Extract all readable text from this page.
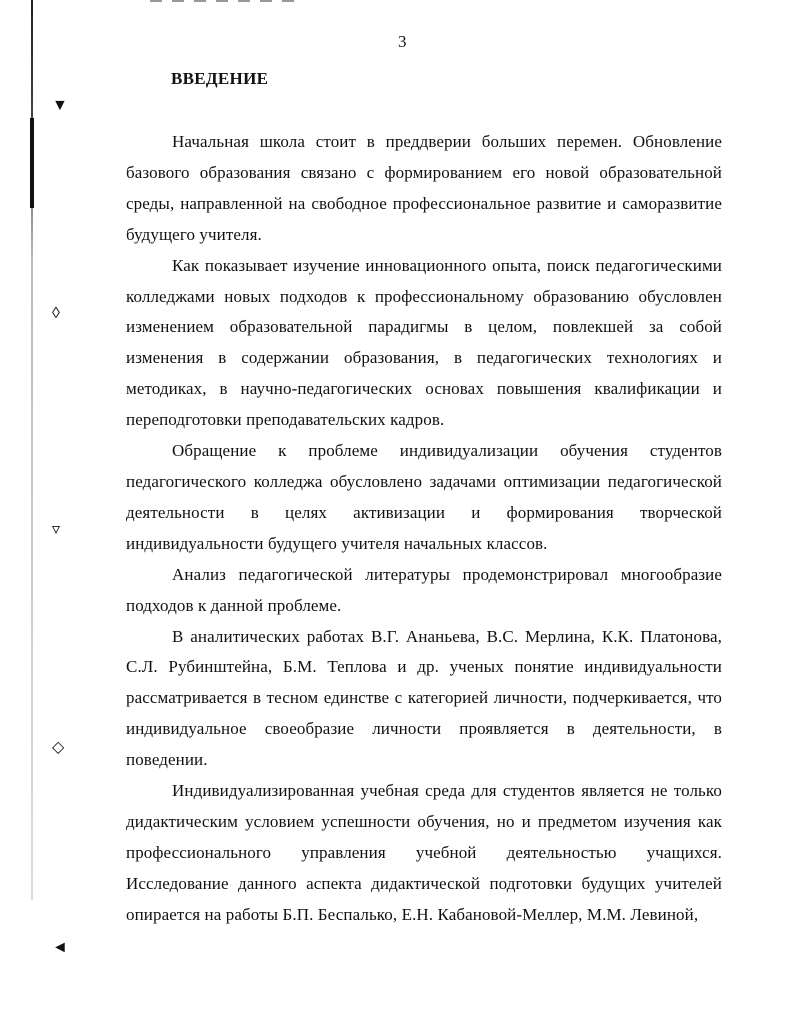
▼
◊
▿
◇
◄
3
ВВЕДЕНИЕ

Начальная школа стоит в преддверии больших перемен. Обновление базового образования связано с формированием его новой образовательной среды, направленной на свободное профессиональное развитие и саморазвитие будущего учителя.

Как показывает изучение инновационного опыта, поиск педагогическими колледжами новых подходов к профессиональному образованию обусловлен изменением образовательной парадигмы в целом, повлекшей за собой изменения в содержании образования, в педагогических технологиях и методиках, в научно-педагогических основах повышения квалификации и переподготовки преподавательских кадров.

Обращение к проблеме индивидуализации обучения студентов педагогического колледжа обусловлено задачами оптимизации педагогической деятельности в целях активизации и формирования творческой индивидуальности будущего учителя начальных классов.

Анализ педагогической литературы продемонстрировал многообразие подходов к данной проблеме.

В аналитических работах В.Г. Ананьева, В.С. Мерлина, К.К. Платонова, С.Л. Рубинштейна, Б.М. Теплова и др. ученых понятие индивидуальности рассматривается в тесном единстве с категорией личности, подчеркивается, что индивидуальное своеобразие личности проявляется в деятельности, в поведении.

Индивидуализированная учебная среда для студентов является не только дидактическим условием успешности обучения, но и предметом изучения как профессионального управления учебной деятельностью учащихся. Исследование данного аспекта дидактической подготовки будущих учителей опирается на работы Б.П. Беспалько, Е.Н. Кабановой-Меллер, М.М. Левиной,
